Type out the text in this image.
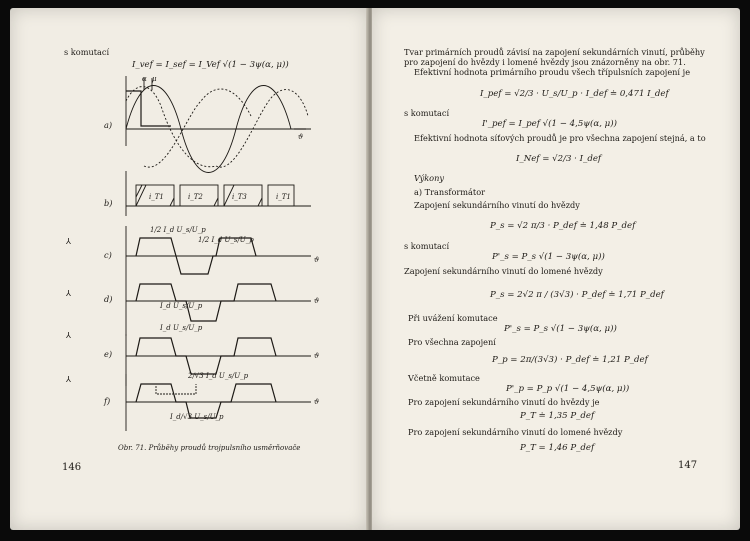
s komutací
I_vef = I_sef = I_Vef √(1 − 3ψ(α, μ))
a)
b)
c)
d)
e)
f)
α μ
ϑ
ϑ
ϑ
ϑ
ϑ
i_T1	i_T2	i_T3	i_T1
1/2 I_d U_s/U_p
1/2 I_d U_s/U_p
I_d U_s/U_p
I_d U_s/U_p
2/√3 I_d U_s/U_p
I_d/√3 U_s/U_p
⅄
⅄
⅄
⅄
Obr. 71. Průběhy proudů trojpulsního usměrňovače
146
Tvar primárních proudů závisí na zapojení sekundárních vinutí, průběhy
pro zapojení do hvězdy i lomené hvězdy jsou znázorněny na obr. 71.
Efektivní hodnota primárního proudu všech třípulsních zapojení je
I_pef = √2/3 · U_s/U_p · I_def ≐ 0,471 I_def
s komutací
I'_pef = I_pef √(1 − 4,5ψ(α, μ))
Efektivní hodnota síťových proudů je pro všechna zapojení stejná, a to
I_Nef = √2/3 · I_def
Výkony
a) Transformátor
Zapojení sekundárního vinutí do hvězdy
P_s = √2 π/3 · P_def ≐ 1,48 P_def
s komutací
P'_s = P_s √(1 − 3ψ(α, μ))
Zapojení sekundárního vinutí do lomené hvězdy
P_s = 2√2 π / (3√3) · P_def ≐ 1,71 P_def
Při uvážení komutace
P'_s = P_s √(1 − 3ψ(α, μ))
Pro všechna zapojení
P_p = 2π/(3√3) · P_def ≐ 1,21 P_def
Včetně komutace
P'_p = P_p √(1 − 4,5ψ(α, μ))
Pro zapojení sekundárního vinutí do hvězdy je
P_T ≐ 1,35 P_def
Pro zapojení sekundárního vinutí do lomené hvězdy
P_T = 1,46 P_def
147
